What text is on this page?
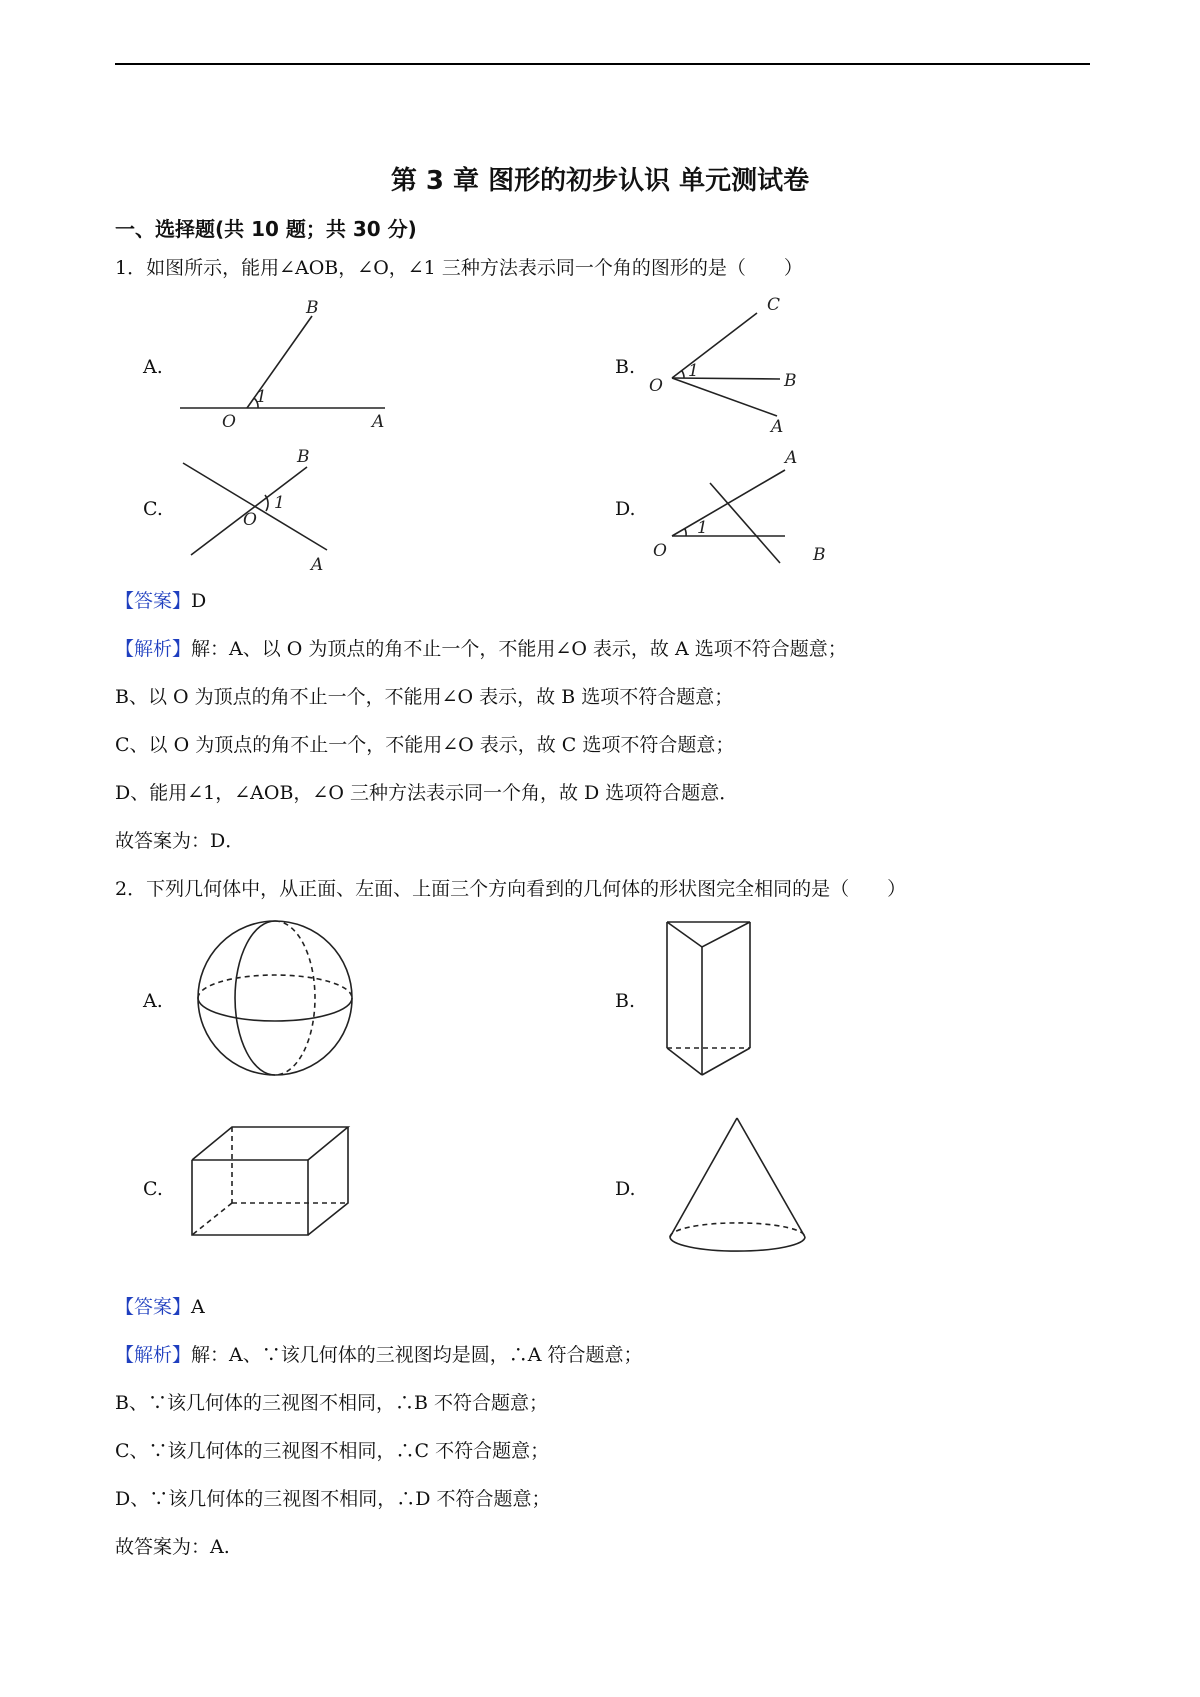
第 3 章 图形的初步认识 单元测试卷
一、选择题(共 10 题；共 30 分)
1．如图所示，能用∠AOB，∠O，∠1 三种方法表示同一个角的图形的是（　　）
A.
B
1
O	A
B.
C
O
1	B
A
C.
B
1
O
A
D.
A
1
O	B
【答案】D
【解析】解：A、以 O 为顶点的角不止一个，不能用∠O 表示，故 A 选项不符合题意；
B、以 O 为顶点的角不止一个，不能用∠O 表示，故 B 选项不符合题意；
C、以 O 为顶点的角不止一个，不能用∠O 表示，故 C 选项不符合题意；
D、能用∠1，∠AOB，∠O 三种方法表示同一个角，故 D 选项符合题意．
故答案为：D．
2．下列几何体中，从正面、左面、上面三个方向看到的几何体的形状图完全相同的是（　　）
A.	B.
C.	D.
【答案】A
【解析】解：A、∵该几何体的三视图均是圆，∴A 符合题意；
B、∵该几何体的三视图不相同，∴B 不符合题意；
C、∵该几何体的三视图不相同，∴C 不符合题意；
D、∵该几何体的三视图不相同，∴D 不符合题意；
故答案为：A.
